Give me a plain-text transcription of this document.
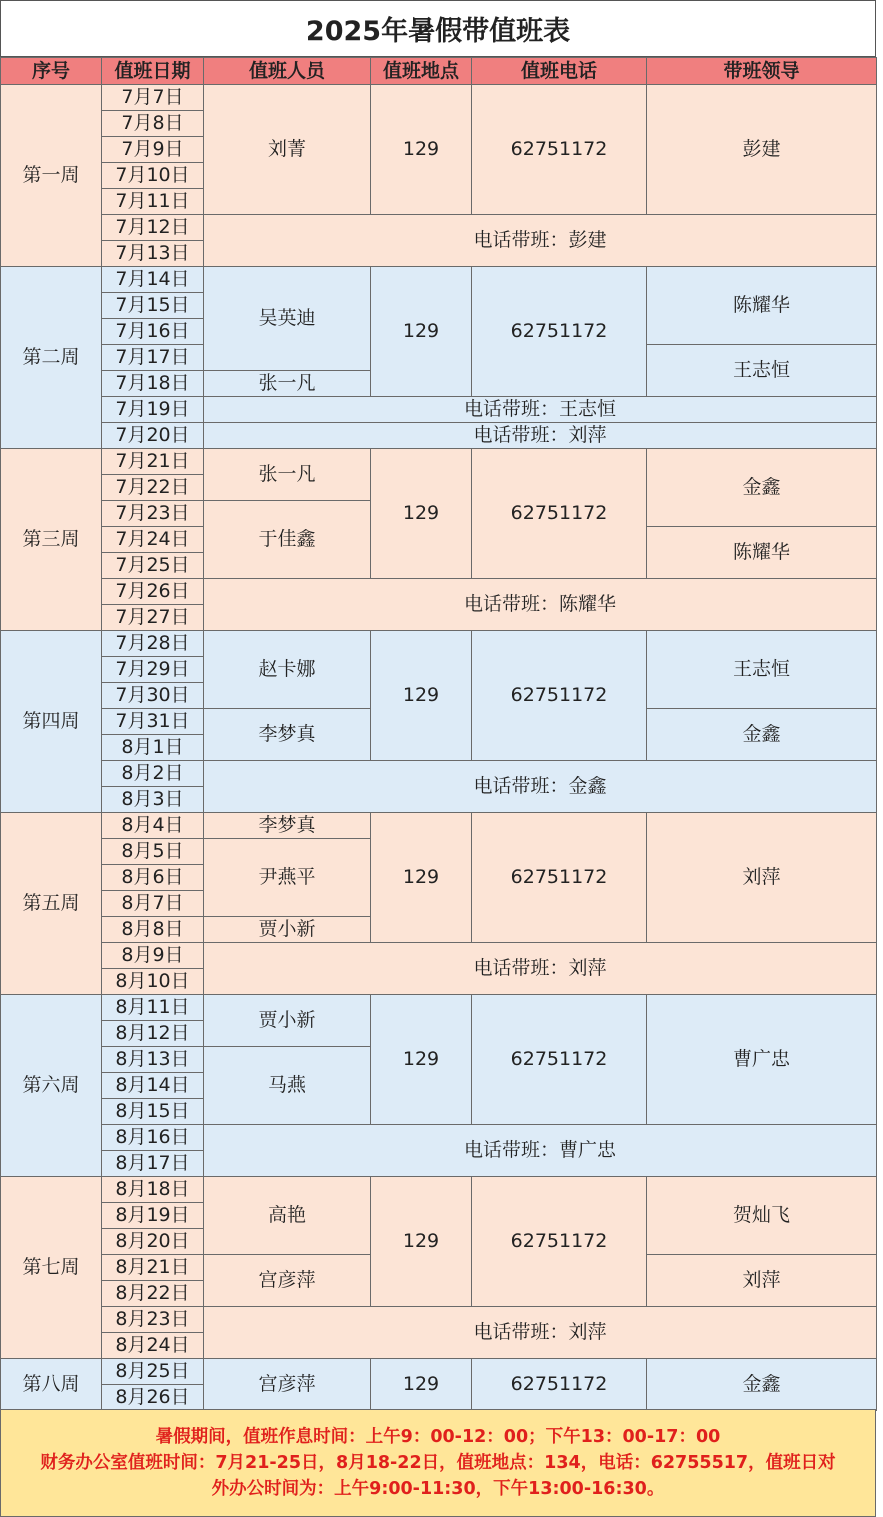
2025年暑假带值班表
序号	值班日期	值班人员	值班地点	值班电话	带班领导
第一周	7月7日	刘菁	129	62751172	彭建
	7月8日				
	7月9日				
	7月10日				
	7月11日				
	7月12日	电话带班：彭建			
	7月13日				
第二周	7月14日	吴英迪	129	62751172	陈耀华
	7月15日				
	7月16日				
	7月17日				王志恒
	7月18日	张一凡			
	7月19日	电话带班：王志恒			
	7月20日	电话带班：刘萍			
第三周	7月21日	张一凡	129	62751172	金鑫
	7月22日				
	7月23日	于佳鑫			
	7月24日				陈耀华
	7月25日				
	7月26日	电话带班：陈耀华			
	7月27日				
第四周	7月28日	赵卡娜	129	62751172	王志恒
	7月29日				
	7月30日				
	7月31日	李梦真			金鑫
	8月1日				
	8月2日	电话带班：金鑫			
	8月3日				
第五周	8月4日	李梦真	129	62751172	刘萍
	8月5日	尹燕平			
	8月6日				
	8月7日				
	8月8日	贾小新			
	8月9日	电话带班：刘萍			
	8月10日				
第六周	8月11日	贾小新	129	62751172	曹广忠
	8月12日				
	8月13日	马燕			
	8月14日				
	8月15日				
	8月16日	电话带班：曹广忠			
	8月17日				
第七周	8月18日	高艳	129	62751172	贺灿飞
	8月19日				
	8月20日				
	8月21日	宫彦萍			刘萍
	8月22日				
	8月23日	电话带班：刘萍			
	8月24日				
第八周	8月25日	宫彦萍	129	62751172	金鑫
	8月26日				
暑假期间，值班作息时间：上午9：00-12：00；下午13：00-17：00
财务办公室值班时间：7月21-25日，8月18-22日，值班地点：134，电话：62755517，值班日对
外办公时间为：上午9:00-11:30，下午13:00-16:30。
